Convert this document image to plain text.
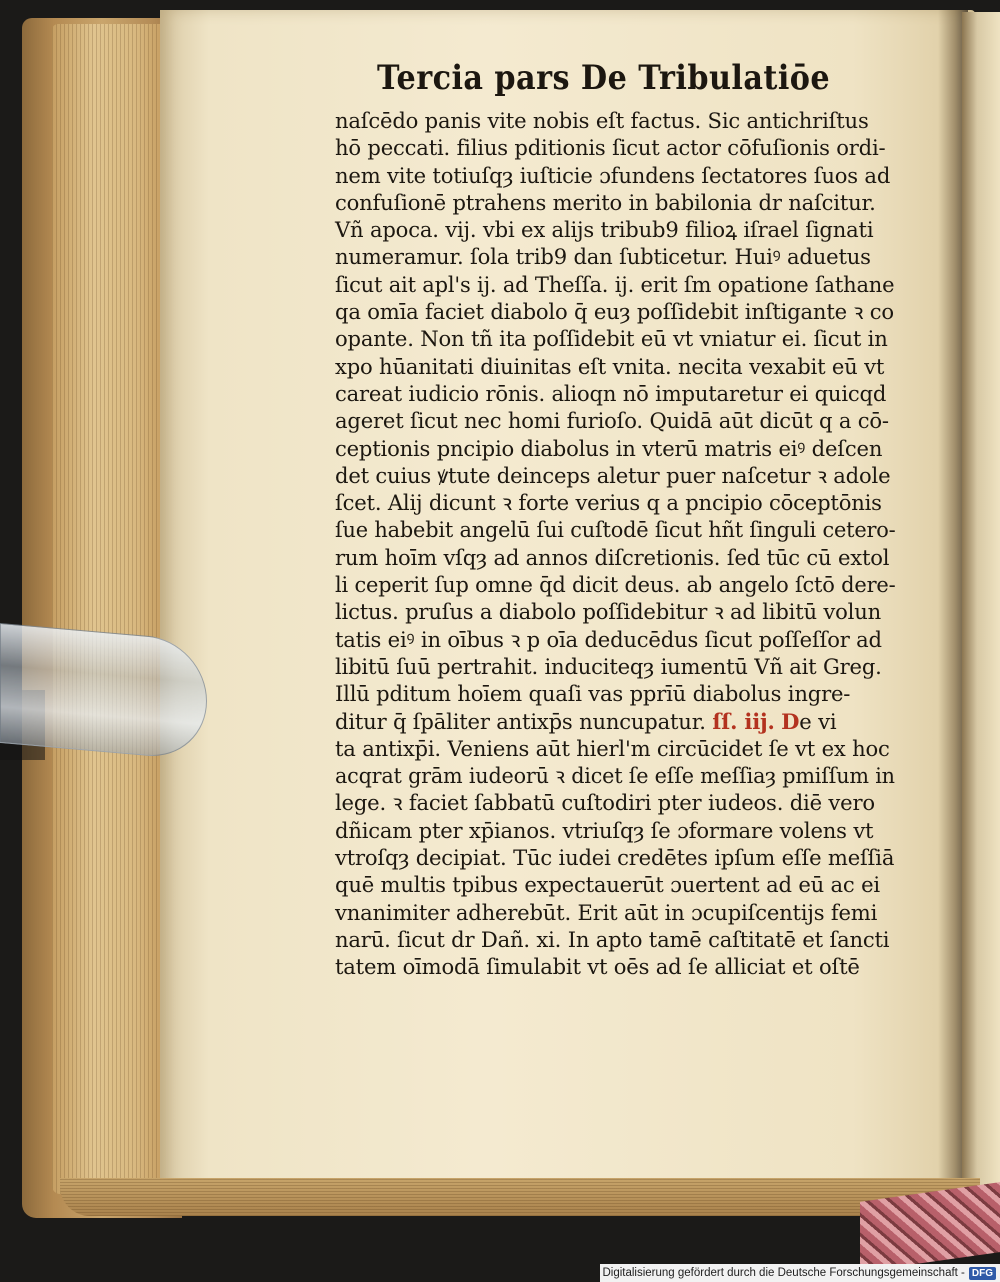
Tercia pars De Tribulatiōe
naſcēdo panis vite nobis eſt factus. Sic antichriſtus
hō peccati. filius pditionis ſicut actor cōfuſionis ordi-
nem vite totiuſqȝ iuſticie ɔfundens ſectatores ſuos ad
confuſionē ptrahens merito in babilonia dr naſcitur.
Vñ apoca. vij. vbi ex alijs tribub9 filioꝝ iſrael ſignati
numeramur. ſola trib9 dan ſubticetur. Huiꝰ aduetus
ſicut ait apl's ij. ad Theſſa. ij. erit ſm opatione ſathane
qa omīa faciet diabolo q̄ euȝ poſſidebit inſtigante ꝛ co
opante. Non tñ ita poſſidebit eū vt vniatur ei. ſicut in
xpo hūanitati diuinitas eſt vnita. necita vexabit eū vt
careat iudicio rōnis. alioqn nō imputaretur ei quicqd
ageret ſicut nec homi furioſo. Quidā aūt dicūt q a cō-
ceptionis pncipio diabolus in vterū matris eiꝰ deſcen
det cuius ꝟtute deinceps aletur puer naſcetur ꝛ adole
ſcet. Alij dicunt ꝛ forte verius q a pncipio cōceptōnis
ſue habebit angelū ſui cuſtodē ſicut hñt ſinguli cetero-
rum hoīm vſqȝ ad annos diſcretionis. ſed tūc cū extol
li ceperit ſup omne q̄d dicit deus. ab angelo ſctō dere-
lictus. pruſus a diabolo poſſidebitur ꝛ ad libitū volun
tatis eiꝰ in oībus ꝛ p oīa deducēdus ſicut poſſeſſor ad
libitū ſuū pertrahit. induciteqȝ iumentū Vñ ait Greg.
Illū pditum hoīem quaſi vas pprīū diabolus ingre-
ditur q̄ ſpāliter antixp̄s nuncupatur. ſſ. iij. De vi
ta antixp̄i. Veniens aūt hierl'm circūcidet ſe vt ex hoc
acqrat grām iudeorū ꝛ dicet ſe eſſe meſſiaȝ pmiſſum in
lege. ꝛ faciet ſabbatū cuſtodiri pter iudeos. diē vero
dñicam pter xp̄ianos. vtriuſqȝ ſe ɔformare volens vt
vtroſqȝ decipiat. Tūc iudei credētes ipſum eſſe meſſiā
quē multis tpibus expectauerūt ɔuertent ad eū ac ei
vnanimiter adherebūt. Erit aūt in ɔcupiſcentijs femi
narū. ſicut dr Dañ. xi. In apto tamē caſtitatē et ſancti
tatem oīmodā ſimulabit vt oēs ad ſe alliciat et oſtē
Digitalisierung gefördert durch die Deutsche Forschungsgemeinschaft - DFG
